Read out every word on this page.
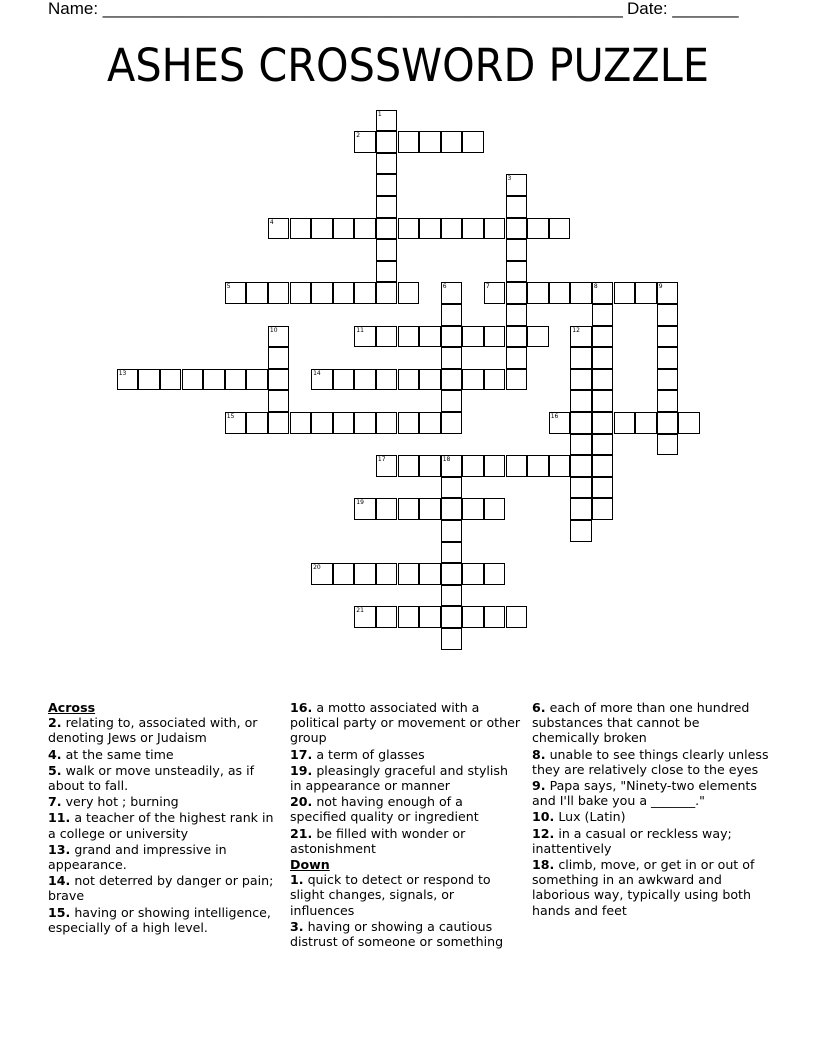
Name: _______________________________________________________ Date: _______
ASHES CROSSWORD PUZZLE
1
2
3
4
5	6	7	8	9
10	11	12
13	14
15	16
17	18
19
20
21
Across
2. relating to, associated with, or denoting Jews or Judaism
4. at the same time
5. walk or move unsteadily, as if about to fall.
7. very hot ; burning
11. a teacher of the highest rank in a college or university
13. grand and impressive in appearance.
14. not deterred by danger or pain; brave
15. having or showing intelligence, especially of a high level.
16. a motto associated with a political party or movement or other group
17. a term of glasses
19. pleasingly graceful and stylish in appearance or manner
20. not having enough of a specified quality or ingredient
21. be filled with wonder or astonishment
Down
1. quick to detect or respond to slight changes, signals, or influences
3. having or showing a cautious distrust of someone or something
6. each of more than one hundred substances that cannot be chemically broken
8. unable to see things clearly unless they are relatively close to the eyes
9. Papa says, "Ninety-two elements and I'll bake you a _______."
10. Lux (Latin)
12. in a casual or reckless way; inattentively
18. climb, move, or get in or out of something in an awkward and laborious way, typically using both hands and feet
